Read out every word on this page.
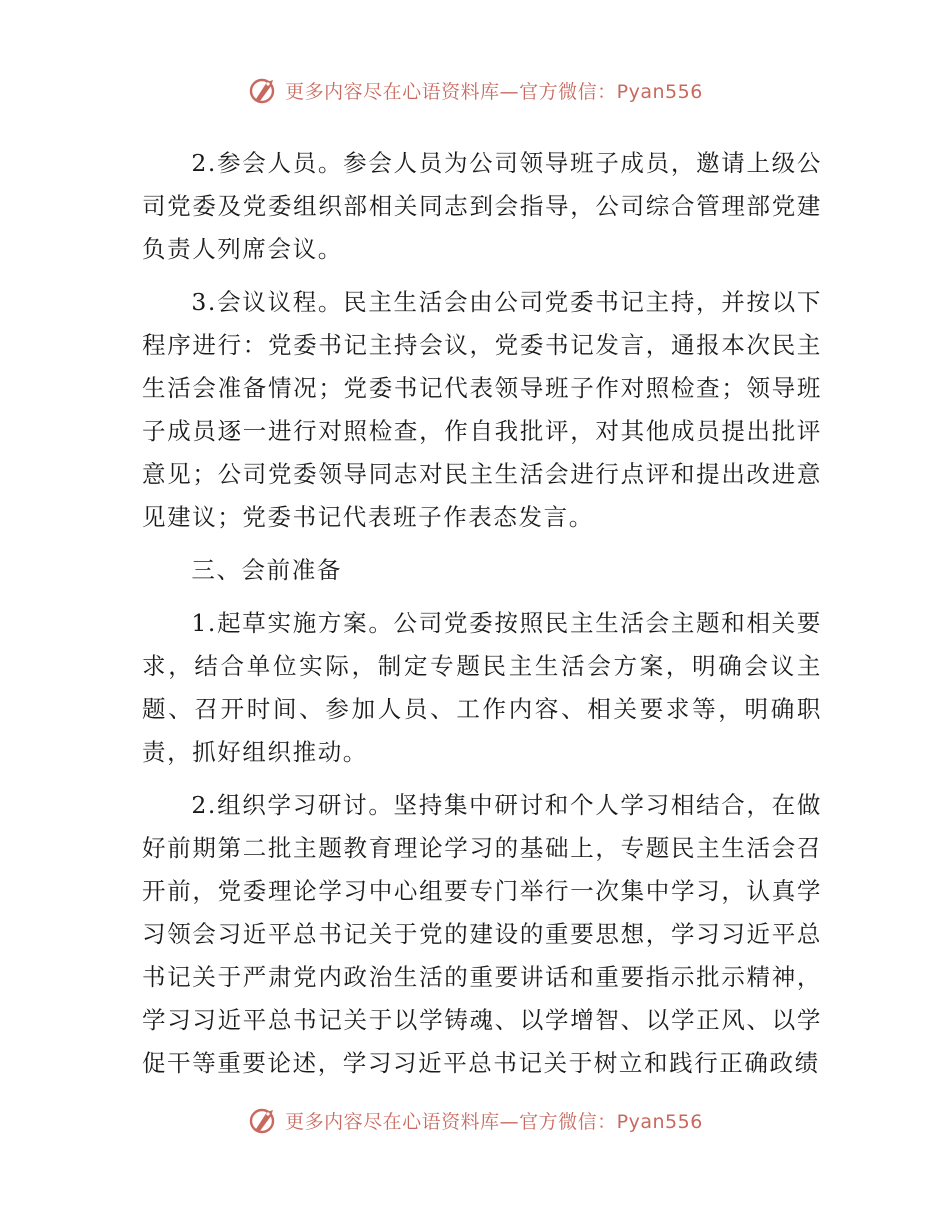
更多内容尽在心语资料库—官方微信：Pyan556

2.参会人员。参会人员为公司领导班子成员，邀请上级公司党委及党委组织部相关同志到会指导，公司综合管理部党建负责人列席会议。

3.会议议程。民主生活会由公司党委书记主持，并按以下程序进行：党委书记主持会议，党委书记发言，通报本次民主生活会准备情况；党委书记代表领导班子作对照检查；领导班子成员逐一进行对照检查，作自我批评，对其他成员提出批评意见；公司党委领导同志对民主生活会进行点评和提出改进意见建议；党委书记代表班子作表态发言。

三、会前准备

1.起草实施方案。公司党委按照民主生活会主题和相关要求，结合单位实际，制定专题民主生活会方案，明确会议主题、召开时间、参加人员、工作内容、相关要求等，明确职责，抓好组织推动。

2.组织学习研讨。坚持集中研讨和个人学习相结合，在做好前期第二批主题教育理论学习的基础上，专题民主生活会召开前，党委理论学习中心组要专门举行一次集中学习，认真学习领会习近平总书记关于党的建设的重要思想，学习习近平总书记关于严肃党内政治生活的重要讲话和重要指示批示精神，学习习近平总书记关于以学铸魂、以学增智、以学正风、以学促干等重要论述，学习习近平总书记关于树立和践行正确政绩

更多内容尽在心语资料库—官方微信：Pyan556
